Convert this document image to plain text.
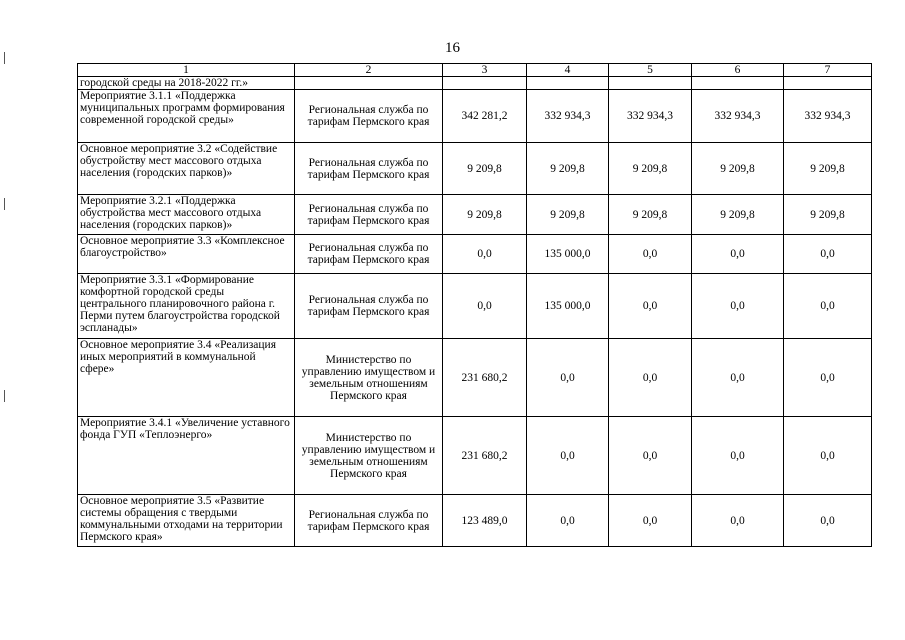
16
1	2	3	4	5	6	7
городской среды на 2018-2022 гг.»						
Мероприятие 3.1.1 «Поддержка муниципальных программ формирования современной городской среды»	Региональная служба по тарифам Пермского края	342 281,2	332 934,3	332 934,3	332 934,3	332 934,3
Основное мероприятие 3.2 «Содействие обустройству мест массового отдыха населения (городских парков)»	Региональная служба по тарифам Пермского края	9 209,8	9 209,8	9 209,8	9 209,8	9 209,8
Мероприятие 3.2.1 «Поддержка обустройства мест массового отдыха населения (городских парков)»	Региональная служба по тарифам Пермского края	9 209,8	9 209,8	9 209,8	9 209,8	9 209,8
Основное мероприятие 3.3 «Комплексное благоустройство»	Региональная служба по тарифам Пермского края	0,0	135 000,0	0,0	0,0	0,0
Мероприятие 3.3.1 «Формирование комфортной городской среды центрального планировочного района г. Перми путем благоустройства городской эспланады»	Региональная служба по тарифам Пермского края	0,0	135 000,0	0,0	0,0	0,0
Основное мероприятие 3.4 «Реализация иных мероприятий в коммунальной сфере»	Министерство по управлению имуществом и земельным отношениям Пермского края	231 680,2	0,0	0,0	0,0	0,0
Мероприятие 3.4.1 «Увеличение уставного фонда ГУП «Теплоэнерго»	Министерство по управлению имуществом и земельным отношениям Пермского края	231 680,2	0,0	0,0	0,0	0,0
Основное мероприятие 3.5 «Развитие системы обращения с твердыми коммунальными отходами на территории Пермского края»	Региональная служба по тарифам Пермского края	123 489,0	0,0	0,0	0,0	0,0
